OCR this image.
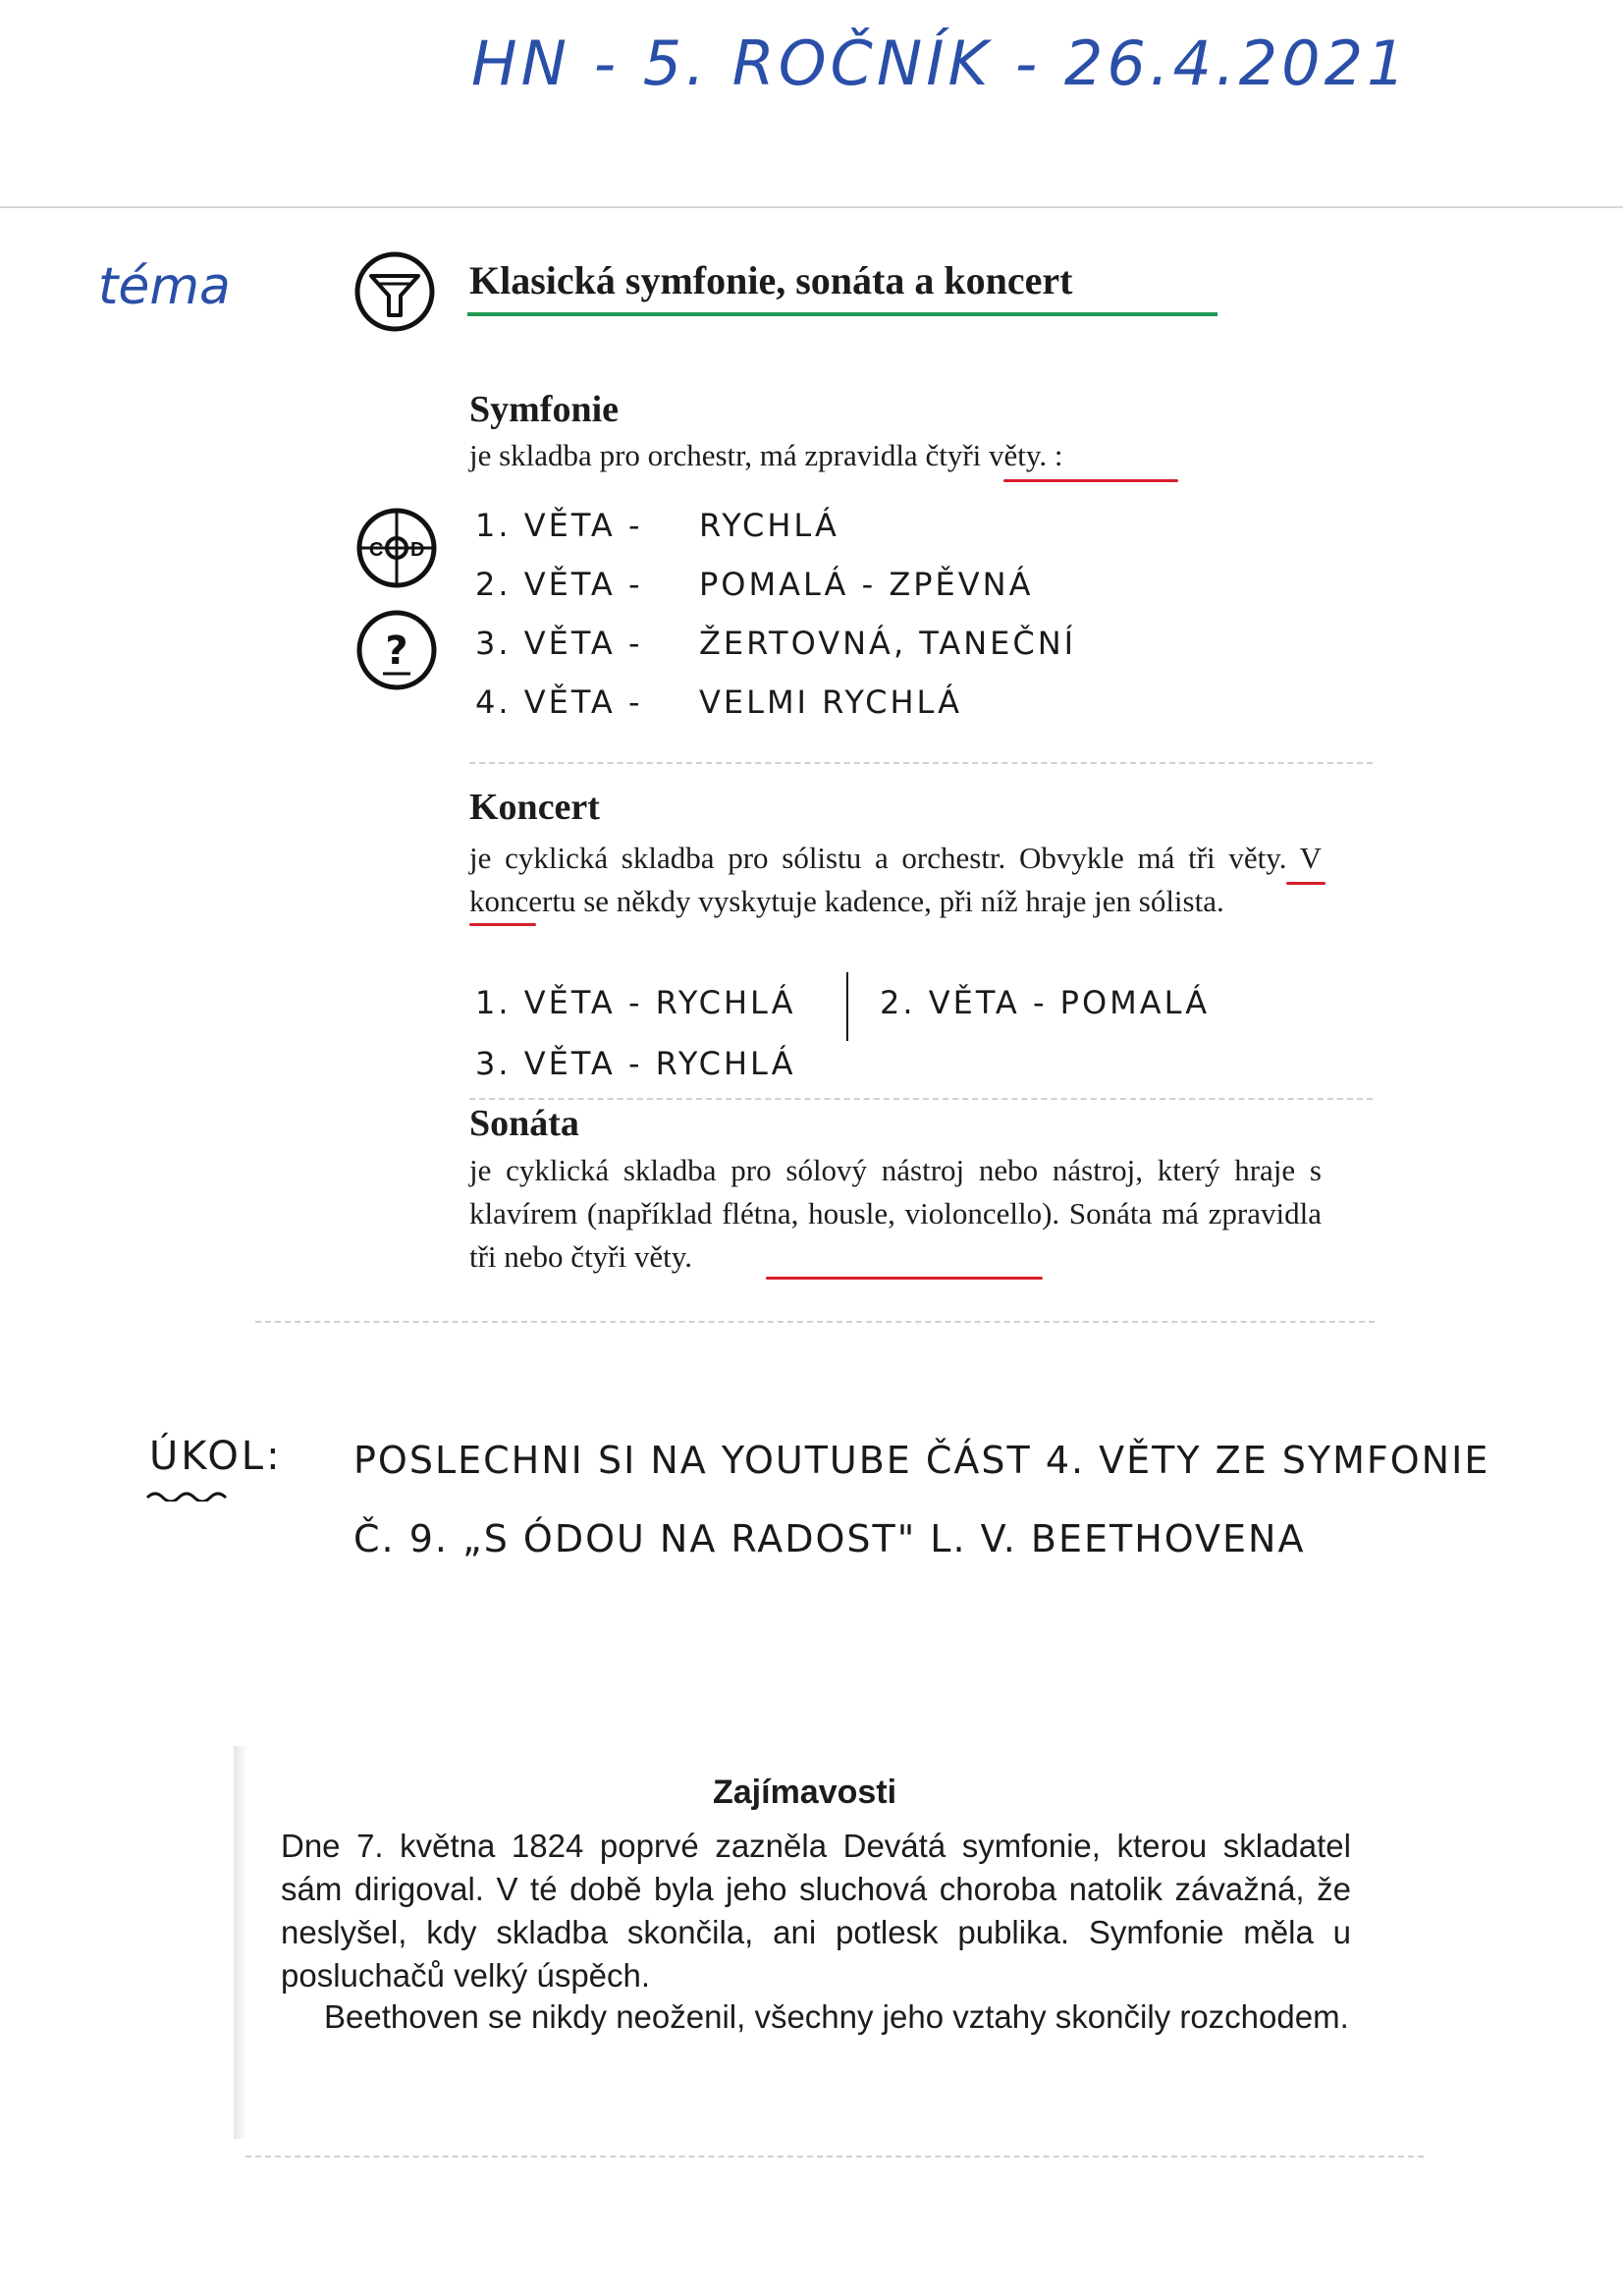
HN - 5. ROČNÍK - 26.4.2021
téma	Klasická symfonie, sonáta a koncert
Symfonie
je skladba pro orchestr, má zpravidla čtyři věty. :
C D
?
1. VĚTA -	RYCHLÁ
2. VĚTA -	POMALÁ - ZPĚVNÁ
3. VĚTA -	ŽERTOVNÁ, TANEČNÍ
4. VĚTA -	VELMI RYCHLÁ
Koncert
je cyklická skladba pro sólistu a orchestr. Obvykle má tři věty. V koncertu se někdy vyskytuje kadence, při níž hraje jen sólista.
1. VĚTA - RYCHLÁ	2. VĚTA - POMALÁ
3. VĚTA - RYCHLÁ
Sonáta
je cyklická skladba pro sólový nástroj nebo nástroj, který hraje s klavírem (například flétna, housle, violoncello). Sonáta má zpravidla tři nebo čtyři věty.
ÚKOL: POSLECHNI SI NA YOUTUBE ČÁST 4. VĚTY ZE SYMFONIE
Č. 9. „S ÓDOU NA RADOST" L. V. BEETHOVENA
Zajímavosti
Dne 7. května 1824 poprvé zazněla Devátá symfonie, kterou skladatel sám dirigoval. V té době byla jeho sluchová choroba natolik závažná, že neslyšel, kdy skladba skončila, ani potlesk publika. Symfonie měla u posluchačů velký úspěch.
Beethoven se nikdy neoženil, všechny jeho vztahy skončily rozchodem.
